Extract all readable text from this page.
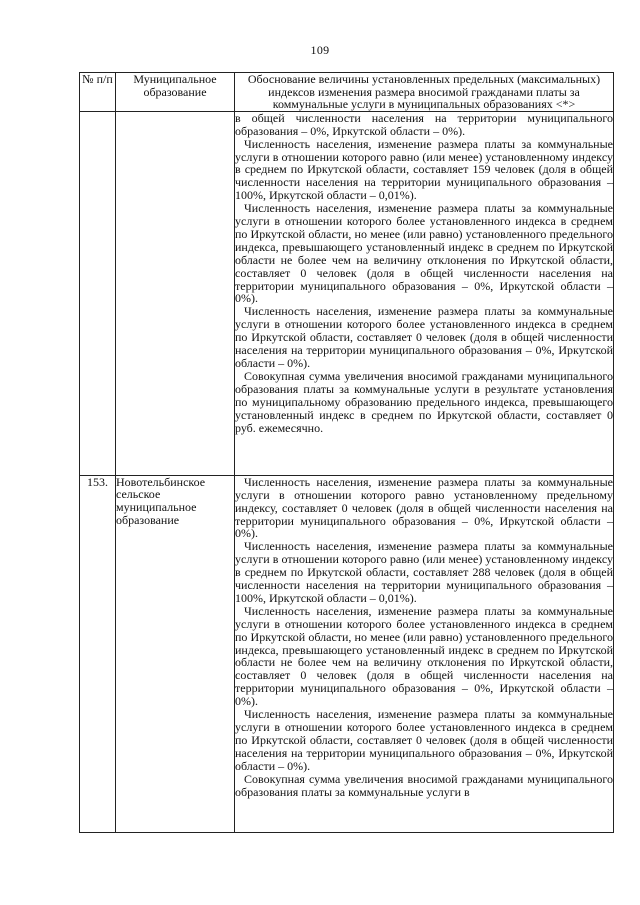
109
№ п/п	Муниципальное образование	Обоснование величины установленных предельных (максимальных) индексов изменения размера вносимой гражданами платы за коммунальные услуги в муниципальных образованиях <*>

		в общей численности населения на территории муниципального образования – 0%, Иркутской области – 0%).

Численность населения, изменение размера платы за коммунальные услуги в отношении которого равно (или менее) установленному индексу в среднем по Иркутской области, составляет 159 человек (доля в общей численности населения на территории муниципального образования – 100%, Иркутской области – 0,01%).

Численность населения, изменение размера платы за коммунальные услуги в отношении которого более установленного индекса в среднем по Иркутской области, но менее (или равно) установленного предельного индекса, превышающего установленный индекс в среднем по Иркутской области не более чем на величину отклонения по Иркутской области, составляет 0 человек (доля в общей численности населения на территории муниципального образования – 0%, Иркутской области – 0%).

Численность населения, изменение размера платы за коммунальные услуги в отношении которого более установленного индекса в среднем по Иркутской области, составляет 0 человек (доля в общей численности населения на территории муниципального образования – 0%, Иркутской области – 0%).

Совокупная сумма увеличения вносимой гражданами муниципального образования платы за коммунальные услуги в результате установления по муниципальному образованию предельного индекса, превышающего установленный индекс в среднем по Иркутской области, составляет 0 руб. ежемесячно.

153.	Новотельбинское сельское муниципальное образование	Численность населения, изменение размера платы за коммунальные услуги в отношении которого равно установленному предельному индексу, составляет 0 человек (доля в общей численности населения на территории муниципального образования – 0%, Иркутской области – 0%).

Численность населения, изменение размера платы за коммунальные услуги в отношении которого равно (или менее) установленному индексу в среднем по Иркутской области, составляет 288 человек (доля в общей численности населения на территории муниципального образования – 100%, Иркутской области – 0,01%).

Численность населения, изменение размера платы за коммунальные услуги в отношении которого более установленного индекса в среднем по Иркутской области, но менее (или равно) установленного предельного индекса, превышающего установленный индекс в среднем по Иркутской области не более чем на величину отклонения по Иркутской области, составляет 0 человек (доля в общей численности населения на территории муниципального образования – 0%, Иркутской области – 0%).

Численность населения, изменение размера платы за коммунальные услуги в отношении которого более установленного индекса в среднем по Иркутской области, составляет 0 человек (доля в общей численности населения на территории муниципального образования – 0%, Иркутской области – 0%).

Совокупная сумма увеличения вносимой гражданами муниципального образования платы за коммунальные услуги в
